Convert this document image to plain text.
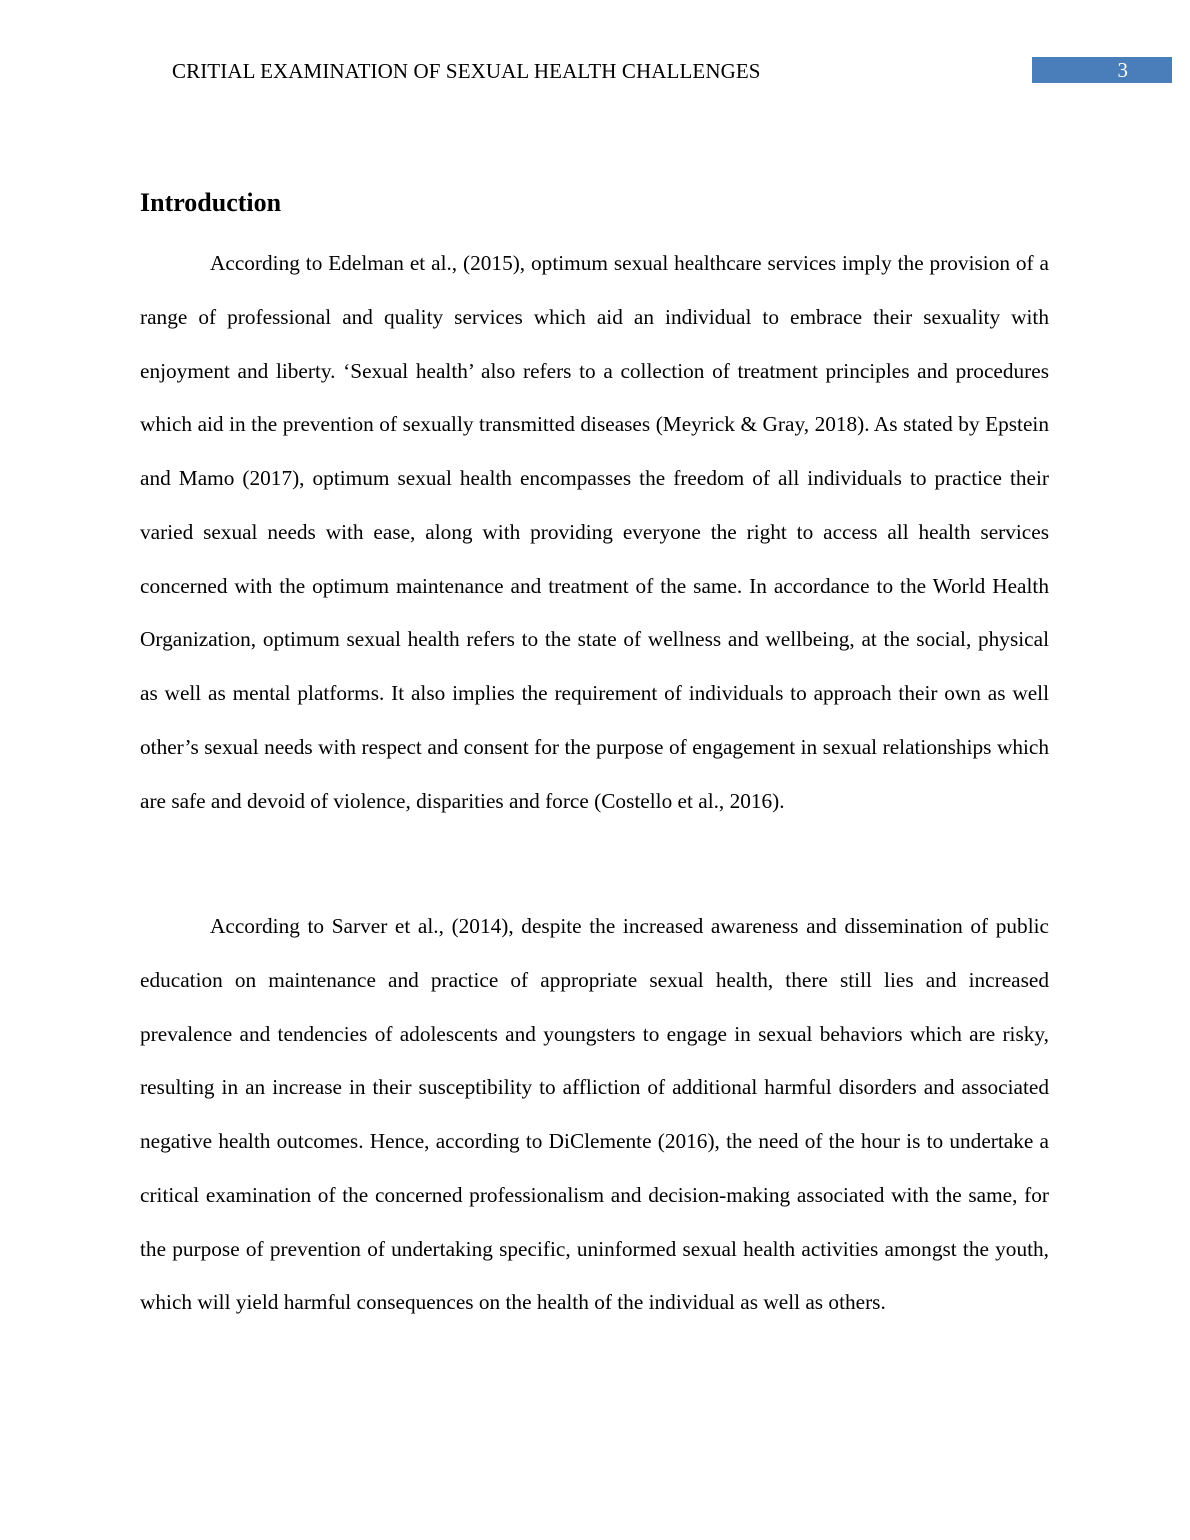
CRITIAL EXAMINATION OF SEXUAL HEALTH CHALLENGES	3
Introduction

According to Edelman et al., (2015), optimum sexual healthcare services imply the provision of a range of professional and quality services which aid an individual to embrace their sexuality with enjoyment and liberty. ‘Sexual health’ also refers to a collection of treatment principles and procedures which aid in the prevention of sexually transmitted diseases (Meyrick & Gray, 2018). As stated by Epstein and Mamo (2017), optimum sexual health encompasses the freedom of all individuals to practice their varied sexual needs with ease, along with providing everyone the right to access all health services concerned with the optimum maintenance and treatment of the same. In accordance to the World Health Organization, optimum sexual health refers to the state of wellness and wellbeing, at the social, physical as well as mental platforms. It also implies the requirement of individuals to approach their own as well other’s sexual needs with respect and consent for the purpose of engagement in sexual relationships which are safe and devoid of violence, disparities and force (Costello et al., 2016).

According to Sarver et al., (2014), despite the increased awareness and dissemination of public education on maintenance and practice of appropriate sexual health, there still lies and increased prevalence and tendencies of adolescents and youngsters to engage in sexual behaviors which are risky, resulting in an increase in their susceptibility to affliction of additional harmful disorders and associated negative health outcomes. Hence, according to DiClemente (2016), the need of the hour is to undertake a critical examination of the concerned professionalism and decision-making associated with the same, for the purpose of prevention of undertaking specific, uninformed sexual health activities amongst the youth, which will yield harmful consequences on the health of the individual as well as others.
